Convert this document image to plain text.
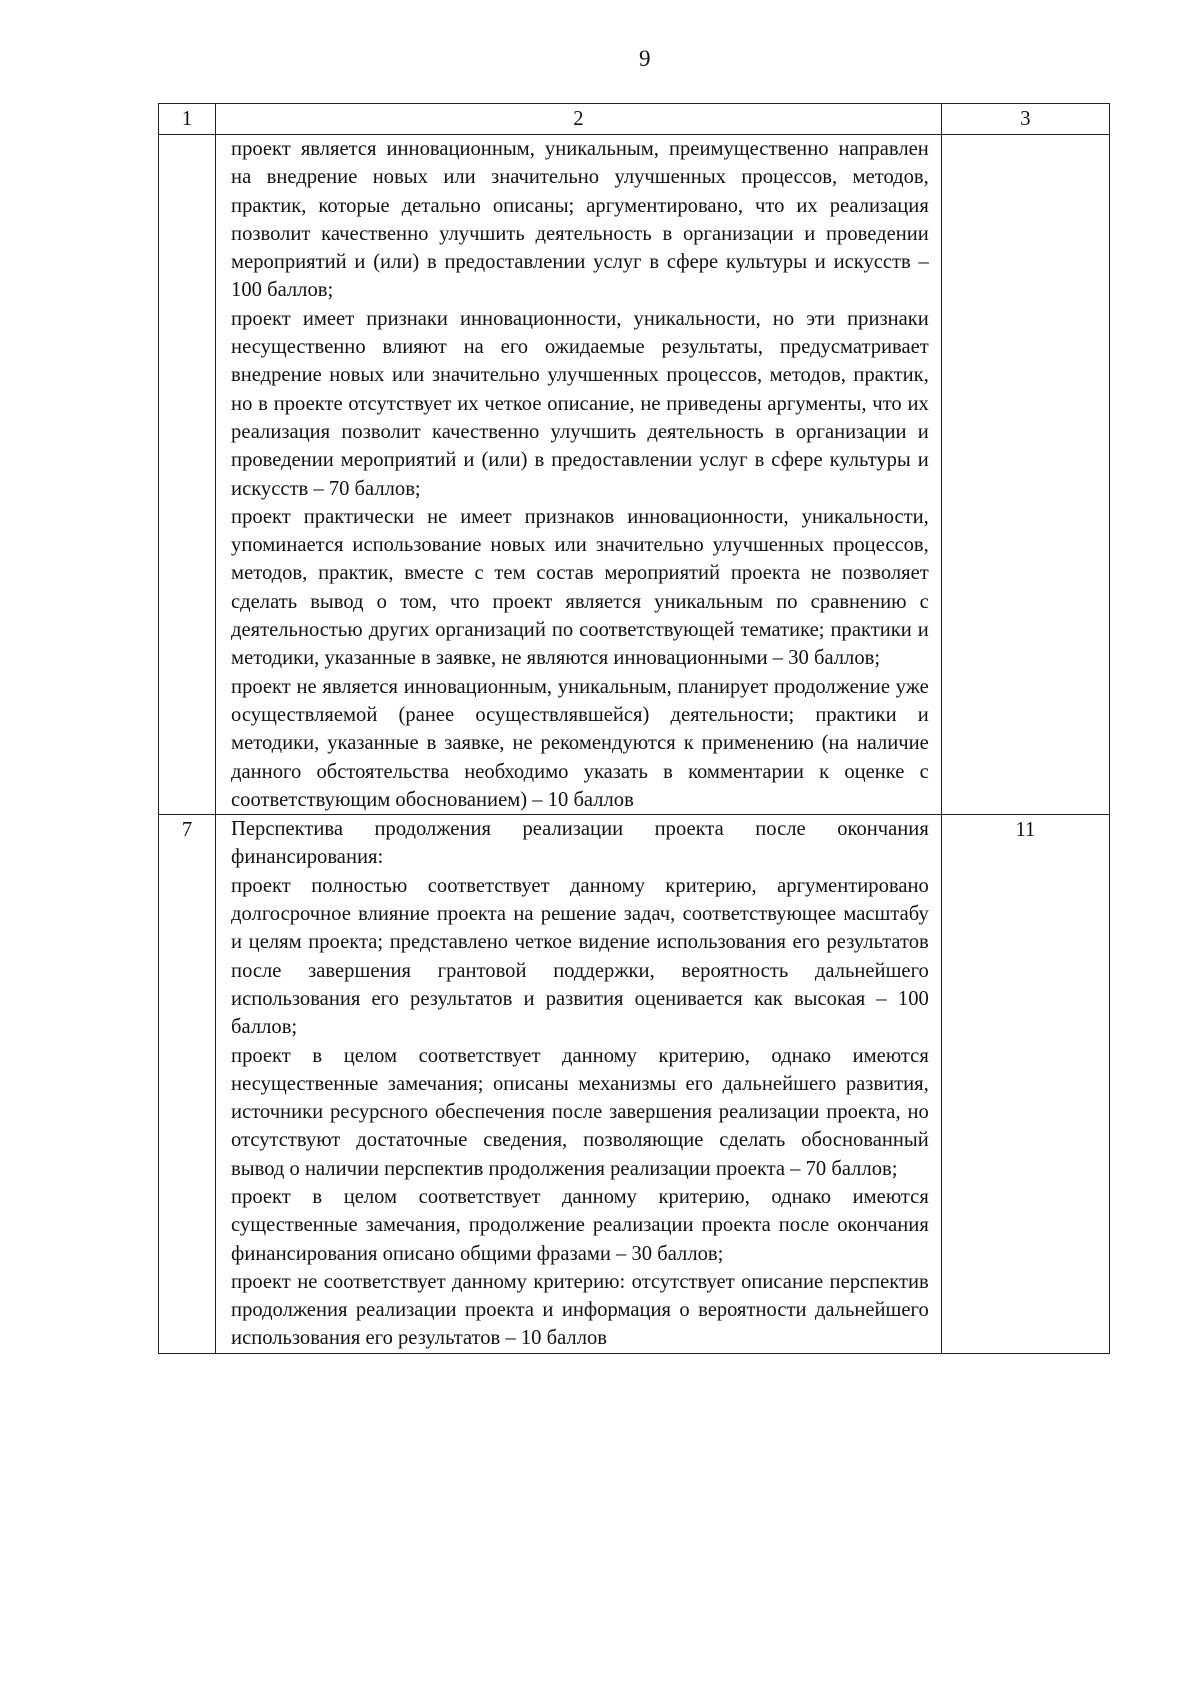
9
1	2	3

	проект является инновационным, уникальным, преимущественно направлен на внедрение новых или значительно улучшенных процессов, методов, практик, которые детально описаны; аргументировано, что их реализация позволит качественно улучшить деятельность в организации и проведении мероприятий и (или) в предоставлении услуг в сфере культуры и искусств – 100 баллов;

проект имеет признаки инновационности, уникальности, но эти признаки несущественно влияют на его ожидаемые результаты, предусматривает внедрение новых или значительно улучшенных процессов, методов, практик, но в проекте отсутствует их четкое описание, не приведены аргументы, что их реализация позволит качественно улучшить деятельность в организации и проведении мероприятий и (или) в предоставлении услуг в сфере культуры и искусств – 70 баллов;

проект практически не имеет признаков инновационности, уникальности, упоминается использование новых или значительно улучшенных процессов, методов, практик, вместе с тем состав мероприятий проекта не позволяет сделать вывод о том, что проект является уникальным по сравнению с деятельностью других организаций по соответствующей тематике; практики и методики, указанные в заявке, не являются инновационными – 30 баллов;

проект не является инновационным, уникальным, планирует продолжение уже осуществляемой (ранее осуществлявшейся) деятельности; практики и методики, указанные в заявке, не рекомендуются к применению (на наличие данного обстоятельства необходимо указать в комментарии к оценке с соответствующим обоснованием) – 10 баллов	

7	Перспектива продолжения реализации проекта после окончания финансирования:

проект полностью соответствует данному критерию, аргументировано долгосрочное влияние проекта на решение задач, соответствующее масштабу и целям проекта; представлено четкое видение использования его результатов после завершения грантовой поддержки, вероятность дальнейшего использования его результатов и развития оценивается как высокая – 100 баллов;

проект в целом соответствует данному критерию, однако имеются несущественные замечания; описаны механизмы его дальнейшего развития, источники ресурсного обеспечения после завершения реализации проекта, но отсутствуют достаточные сведения, позволяющие сделать обоснованный вывод о наличии перспектив продолжения реализации проекта – 70 баллов;

проект в целом соответствует данному критерию, однако имеются существенные замечания, продолжение реализации проекта после окончания финансирования описано общими фразами – 30 баллов;

проект не соответствует данному критерию: отсутствует описание перспектив продолжения реализации проекта и информация о вероятности дальнейшего использования его результатов – 10 баллов	11
